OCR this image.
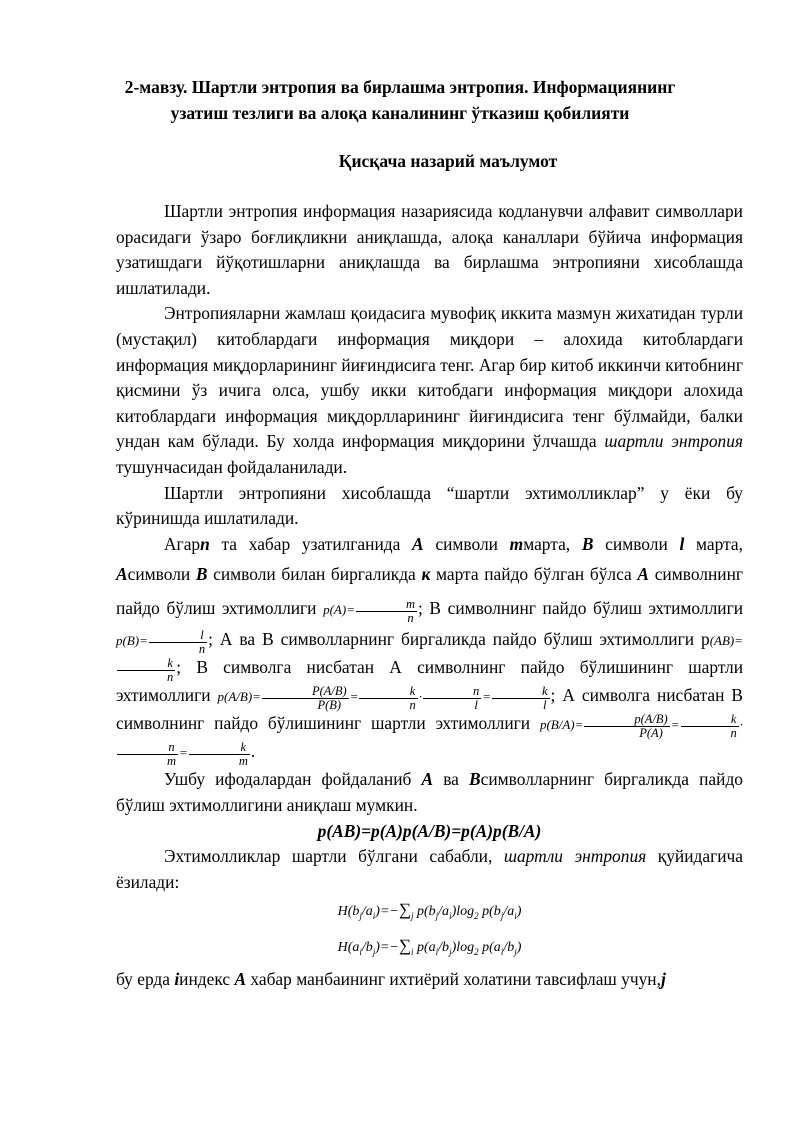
2-мавзу. Шартли энтропия ва бирлашма энтропия. Информациянинг узатиш тезлиги ва алоқа каналининг ўтказиш қобилияти
Қисқача назарий маълумот

Шартли энтропия информация назариясида кодланувчи алфавит символлари орасидаги ўзаро боғлиқликни аниқлашда, алоқа каналлари бўйича информация узатишдаги йўқотишларни аниқлашда ва бирлашма энтропияни хисоблашда ишлатилади.

Энтропияларни жамлаш қоидасига мувофиқ иккита мазмун жихатидан турли (мустақил) китоблардаги информация миқдори – алохида китоблардаги информация миқдорларининг йиғиндисига тенг. Агар бир китоб иккинчи китобнинг қисмини ўз ичига олса, ушбу икки китобдаги информация миқдори алохида китоблардаги информация миқдорлларининг йиғиндисига тенг бўлмайди, балки ундан кам бўлади. Бу холда информация миқдорини ўлчашда шартли энтропия тушунчасидан фойдаланилади.

Шартли энтропияни хисоблашда “шартли эхтимолликлар” у ёки бу кўринишда ишлатилади.

Агарn та хабар узатилганида A символи mмарта, B символи l марта, Aсимволи B символи билан биргаликда к марта пайдо бўлган бўлса A символнинг пайдо бўлиш эхтимоллиги $p(A)= \frac{m}{n}$ ; В символнинг пайдо бўлиш эхтимоллиги $p(B)= \frac{l}{n}$ ; А ва В символларнинг биргаликда пайдо бўлиш эхтимоллиги p(AB)=
$\frac{k}{n}$ ; В символга нисбатан А символнинг пайдо бўлишининг шартли эхтимоллиги $p(A/B)= \frac{P(A/B)}{P(B)} = \frac{k}{n} \cdot \frac{n}{l} = \frac{k}{l}$ ; А символга нисбатан В символнинг пайдо бўлишининг шартли эхтимоллиги $p(B/A)= \frac{p(A/B)}{P(A)} = \frac{k}{n}$ ·
$\frac{n}{m} = \frac{k}{m}$ .

Ушбу ифодалардан фойдаланиб A ва Bсимволларнинг биргаликда пайдо бўлиш эхтимоллигини аниқлаш мумкин.

p(AB)=p(A)p(A/B)=p(A)p(B/A)

Эхтимолликлар шартли бўлгани сабабли, шартли энтропия қуйидагича ёзилади:

$H(b_j/a_i)=-\sum_j$ $p(b_j/a_i)\log_2$ $p(b_j/a_i)$
$H(a_i/b_j)=-\sum_i$ $p(a_i/b_j)\log_2$ $p(a_i/b_j)$

бу ерда iиндекс A хабар манбаининг ихтиёрий холатини тавсифлаш учун,j
